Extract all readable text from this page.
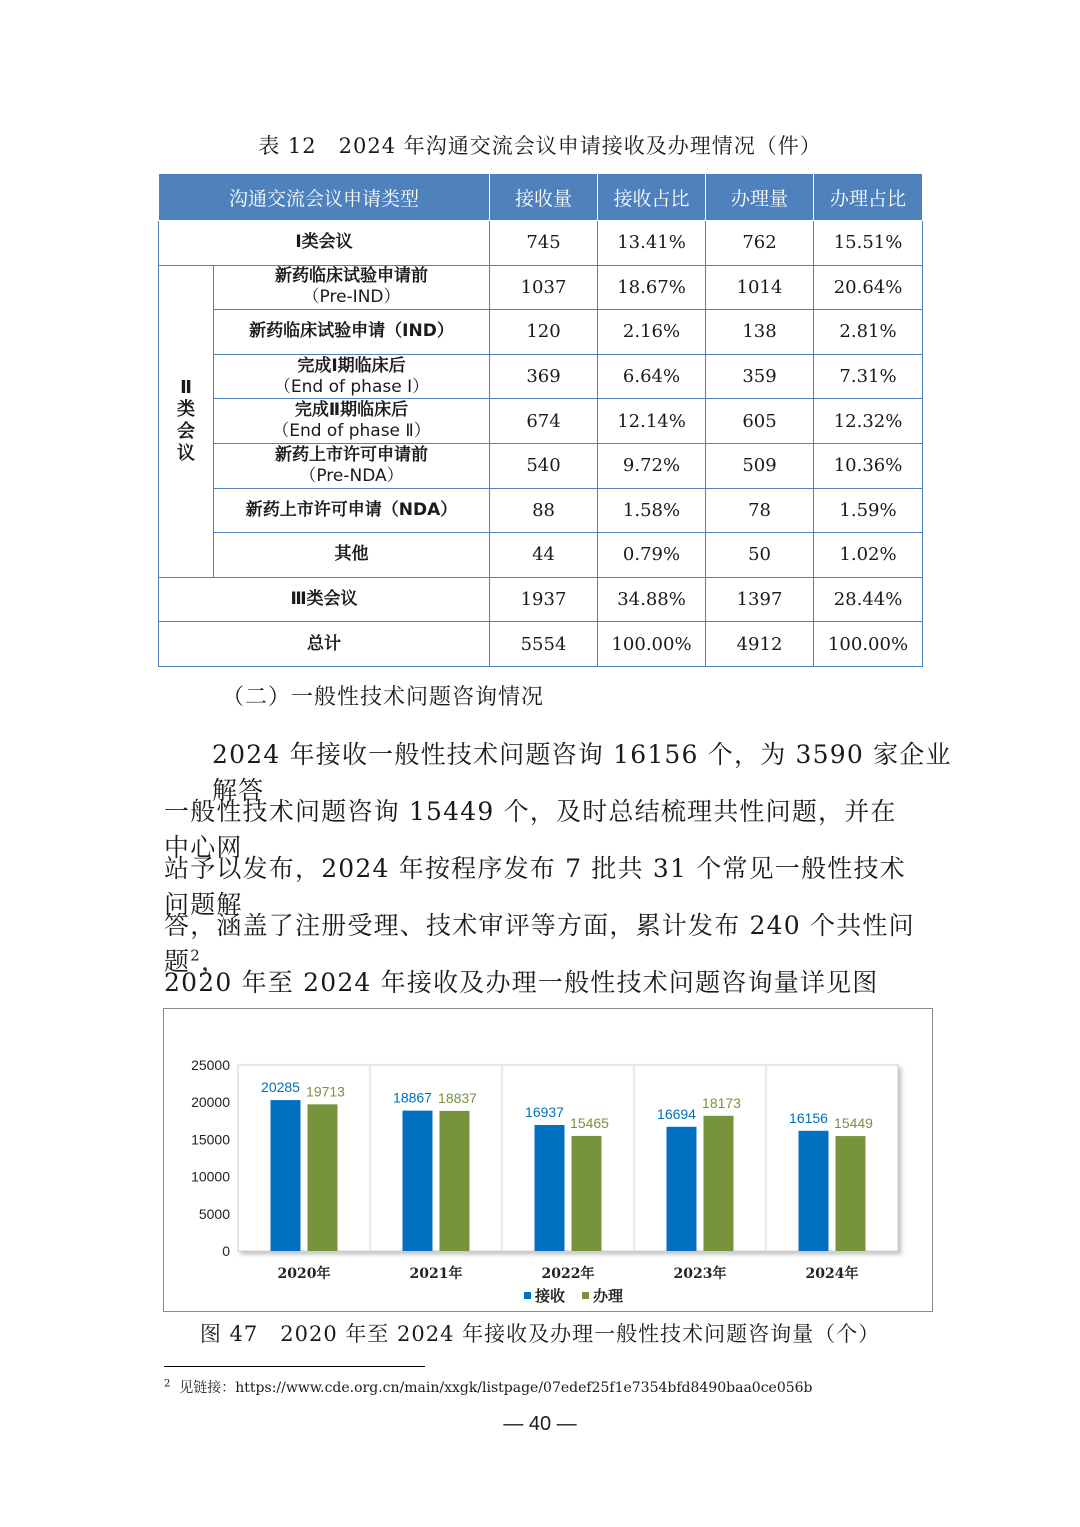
表 12　2024 年沟通交流会议申请接收及办理情况（件）
沟通交流会议申请类型		接收量	接收占比	办理量	办理占比

Ⅰ类会议		745	13.41%	762	15.51%

Ⅱ类会议	新药临床试验申请前
（Pre-IND）	1037	18.67%	1014	20.64%

	新药临床试验申请（IND）	120	2.16%	138	2.81%

	完成Ⅰ期临床后
（End of phase Ⅰ）	369	6.64%	359	7.31%

	完成Ⅱ期临床后
（End of phase Ⅱ）	674	12.14%	605	12.32%

	新药上市许可申请前
（Pre-NDA）	540	9.72%	509	10.36%

	新药上市许可申请（NDA）	88	1.58%	78	1.59%

	其他	44	0.79%	50	1.02%

Ⅲ类会议		1937	34.88%	1397	28.44%

总计		5554	100.00%	4912	100.00%
（二）一般性技术问题咨询情况
2024 年接收一般性技术问题咨询 16156 个，为 3590 家企业解答
一般性技术问题咨询 15449 个，及时总结梳理共性问题，并在中心网
站予以发布，2024 年按程序发布 7 批共 31 个常见一般性技术问题解
答，涵盖了注册受理、技术审评等方面，累计发布 240 个共性问题$^2$，
2020 年至 2024 年接收及办理一般性技术问题咨询量详见图
0
5000
10000
15000
20000
25000
20285 19713	18867 18837
16937
15465
16694
18173
16156 15449
2020年	2021年	2022年	2023年	2024年
接收 办理
图 47　2020 年至 2024 年接收及办理一般性技术问题咨询量（个）
$^2$ 见链接：https://www.cde.org.cn/main/xxgk/listpage/07edef25f1e7354bfd8490baa0ce056b
— 40 —
